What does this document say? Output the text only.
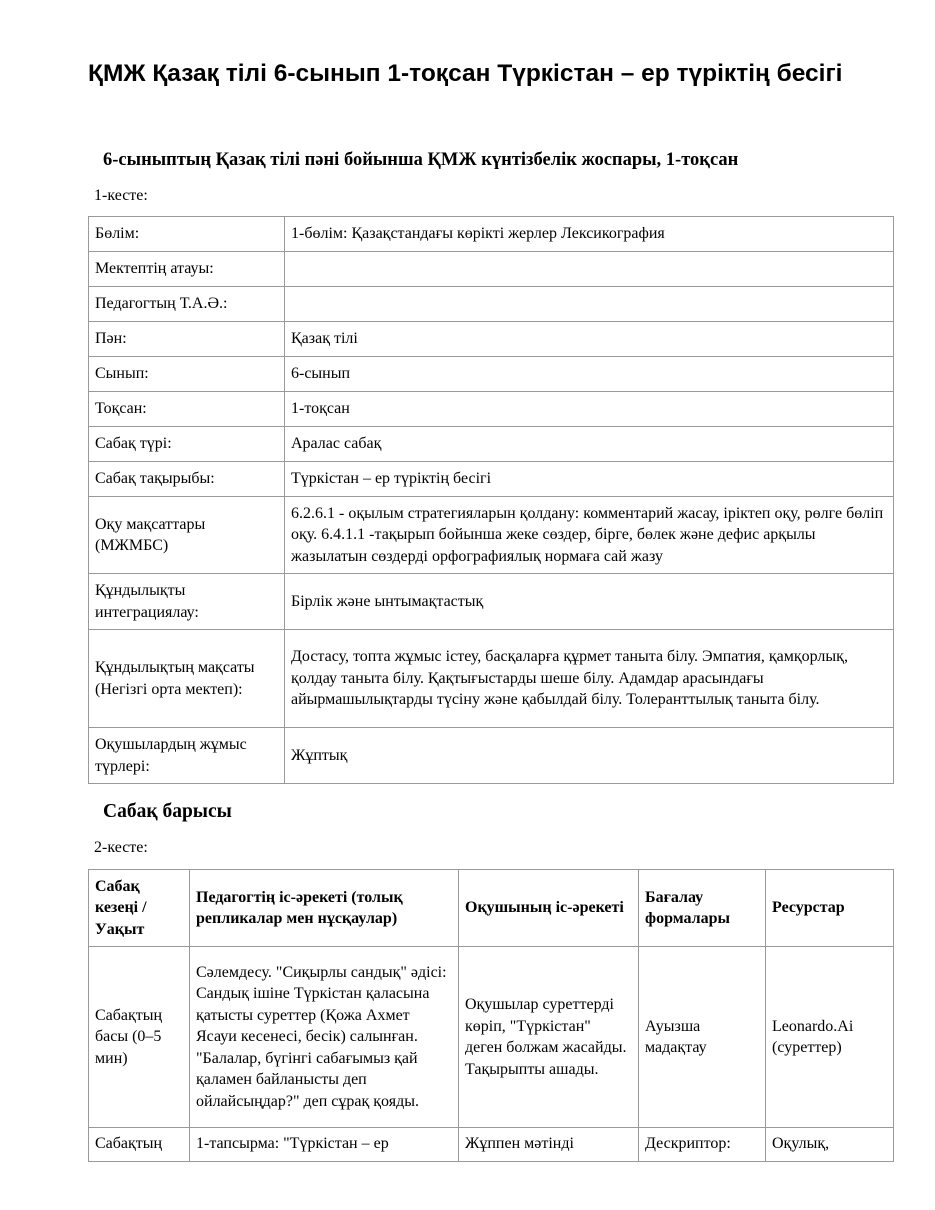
ҚМЖ Қазақ тілі 6-сынып 1-тоқсан Түркістан – ер түріктің бесігі
6-сыныптың Қазақ тілі пәні бойынша ҚМЖ күнтізбелік жоспары, 1-тоқсан

1-кесте:

Бөлім:	1-бөлім: Қазақстандағы көрікті жерлер Лексикография
Мектептің атауы:	
Педагогтың Т.А.Ә.:	
Пән:	Қазақ тілі
Сынып:	6-сынып
Тоқсан:	1-тоқсан
Сабақ түрі:	Аралас сабақ
Сабақ тақырыбы:	Түркістан – ер түріктің бесігі
Оқу мақсаттары (МЖМБС)	6.2.6.1 - оқылым стратегияларын қолдану: комментарий жасау, іріктеп оқу, рөлге бөліп оқу. 6.4.1.1 -тақырып бойынша жеке сөздер, бірге, бөлек және дефис арқылы жазылатын сөздерді орфографиялық нормаға сай жазу
Құндылықты интеграциялау:	Бірлік және ынтымақтастық
Құндылықтың мақсаты (Негізгі орта мектеп):	Достасу, топта жұмыс істеу, басқаларға құрмет таныта білу. Эмпатия, қамқорлық, қолдау таныта білу. Қақтығыстарды шеше білу. Адамдар арасындағы айырмашылықтарды түсіну және қабылдай білу. Толеранттылық таныта білу.
Оқушылардың жұмыс түрлері:	Жұптық
Сабақ барысы

2-кесте:

Сабақ кезеңі / Уақыт	Педагогтің іс-әрекеті (толық репликалар мен нұсқаулар)	Оқушының іс-әрекеті	Бағалау формалары	Ресурстар
Сабақтың басы (0–5 мин)	Сәлемдесу. "Сиқырлы сандық" әдісі: Сандық ішіне Түркістан қаласына қатысты суреттер (Қожа Ахмет Ясауи кесенесі, бесік) салынған. "Балалар, бүгінгі сабағымыз қай қаламен байланысты деп ойлайсыңдар?" деп сұрақ қояды.	Оқушылар суреттерді көріп, "Түркістан" деген болжам жасайды. Тақырыпты ашады.	Ауызша мадақтау	Leonardo.Ai (суреттер)
Сабақтың	1-тапсырма: "Түркістан – ер	Жұппен мәтінді	Дескриптор:	Оқулық,
